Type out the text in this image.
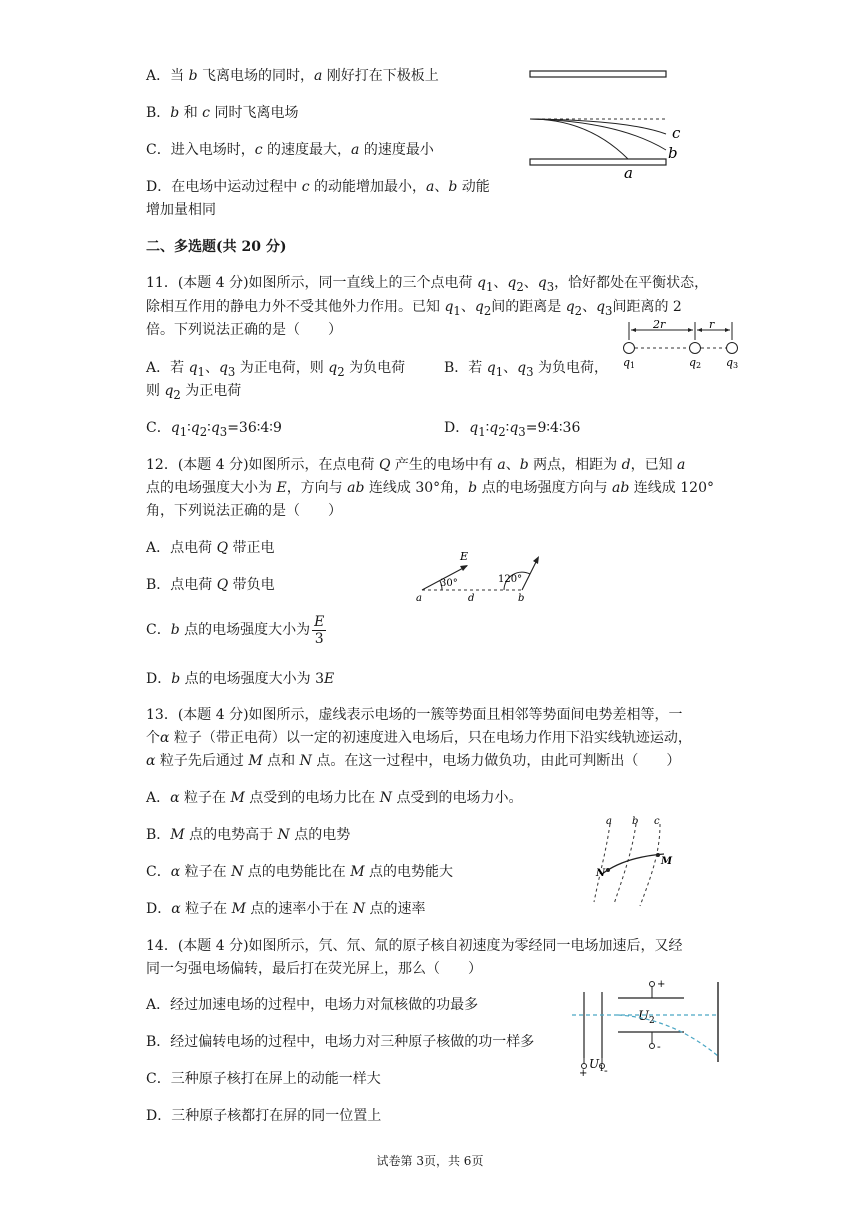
A．当 b 飞离电场的同时，a 刚好打在下极板上
B．b 和 c 同时飞离电场
C．进入电场时，c 的速度最大，a 的速度最小
D．在电场中运动过程中 c 的动能增加最小，a、b 动能
增加量相同
c
b
a
二、多选题(共 20 分)
11．(本题 4 分)如图所示，同一直线上的三个点电荷 $q_1$、$q_2$、$q_3$，恰好都处在平衡状态，
除相互作用的静电力外不受其他外力作用。已知 $q_1$、$q_2$间的距离是 $q_2$、$q_3$间距离的 2
倍。下列说法正确的是（　　）
A．若 $q_1$、$q_3$ 为正电荷，则 $q_2$ 为负电荷	B．若 $q_1$、$q_3$ 为负电荷，
则 $q_2$ 为正电荷
C．$q_1∶q_2∶q_3=36∶4∶9$	D．$q_1∶q_2∶q_3=9∶4∶36$
2r	r
q1	q2 q3
12．(本题 4 分)如图所示，在点电荷 Q 产生的电场中有 a、b 两点，相距为 d，已知 a
点的电场强度大小为 E，方向与 ab 连线成 30°角，b 点的电场强度方向与 ab 连线成 120°
角，下列说法正确的是（　　）
A．点电荷 Q 带正电
B．点电荷 Q 带负电
C．b 点的电场强度大小为 $\frac{E}{3}$
D．b 点的电场强度大小为 3E
E
30°	120°
a	d	b
13．(本题 4 分)如图所示，虚线表示电场的一簇等势面且相邻等势面间电势差相等，一
个α 粒子（带正电荷）以一定的初速度进入电场后，只在电场力作用下沿实线轨迹运动，
α 粒子先后通过 M 点和 N 点。在这一过程中，电场力做负功，由此可判断出（　　）
A．α 粒子在 M 点受到的电场力比在 N 点受到的电场力小。
B．M 点的电势高于 N 点的电势
C．α 粒子在 N 点的电势能比在 M 点的电势能大
D．α 粒子在 M 点的速率小于在 N 点的速率
a b c
N
M
14．(本题 4 分)如图所示，氕、氘、氚的原子核自初速度为零经同一电场加速后，又经
同一匀强电场偏转，最后打在荧光屏上，那么（　　）
A．经过加速电场的过程中，电场力对氚核做的功最多
B．经过偏转电场的过程中，电场力对三种原子核做的功一样多
C．三种原子核打在屏上的动能一样大
D．三种原子核都打在屏的同一位置上
+
-
$U_2$
+ -
$U_1$
试卷第 3页，共 6页
